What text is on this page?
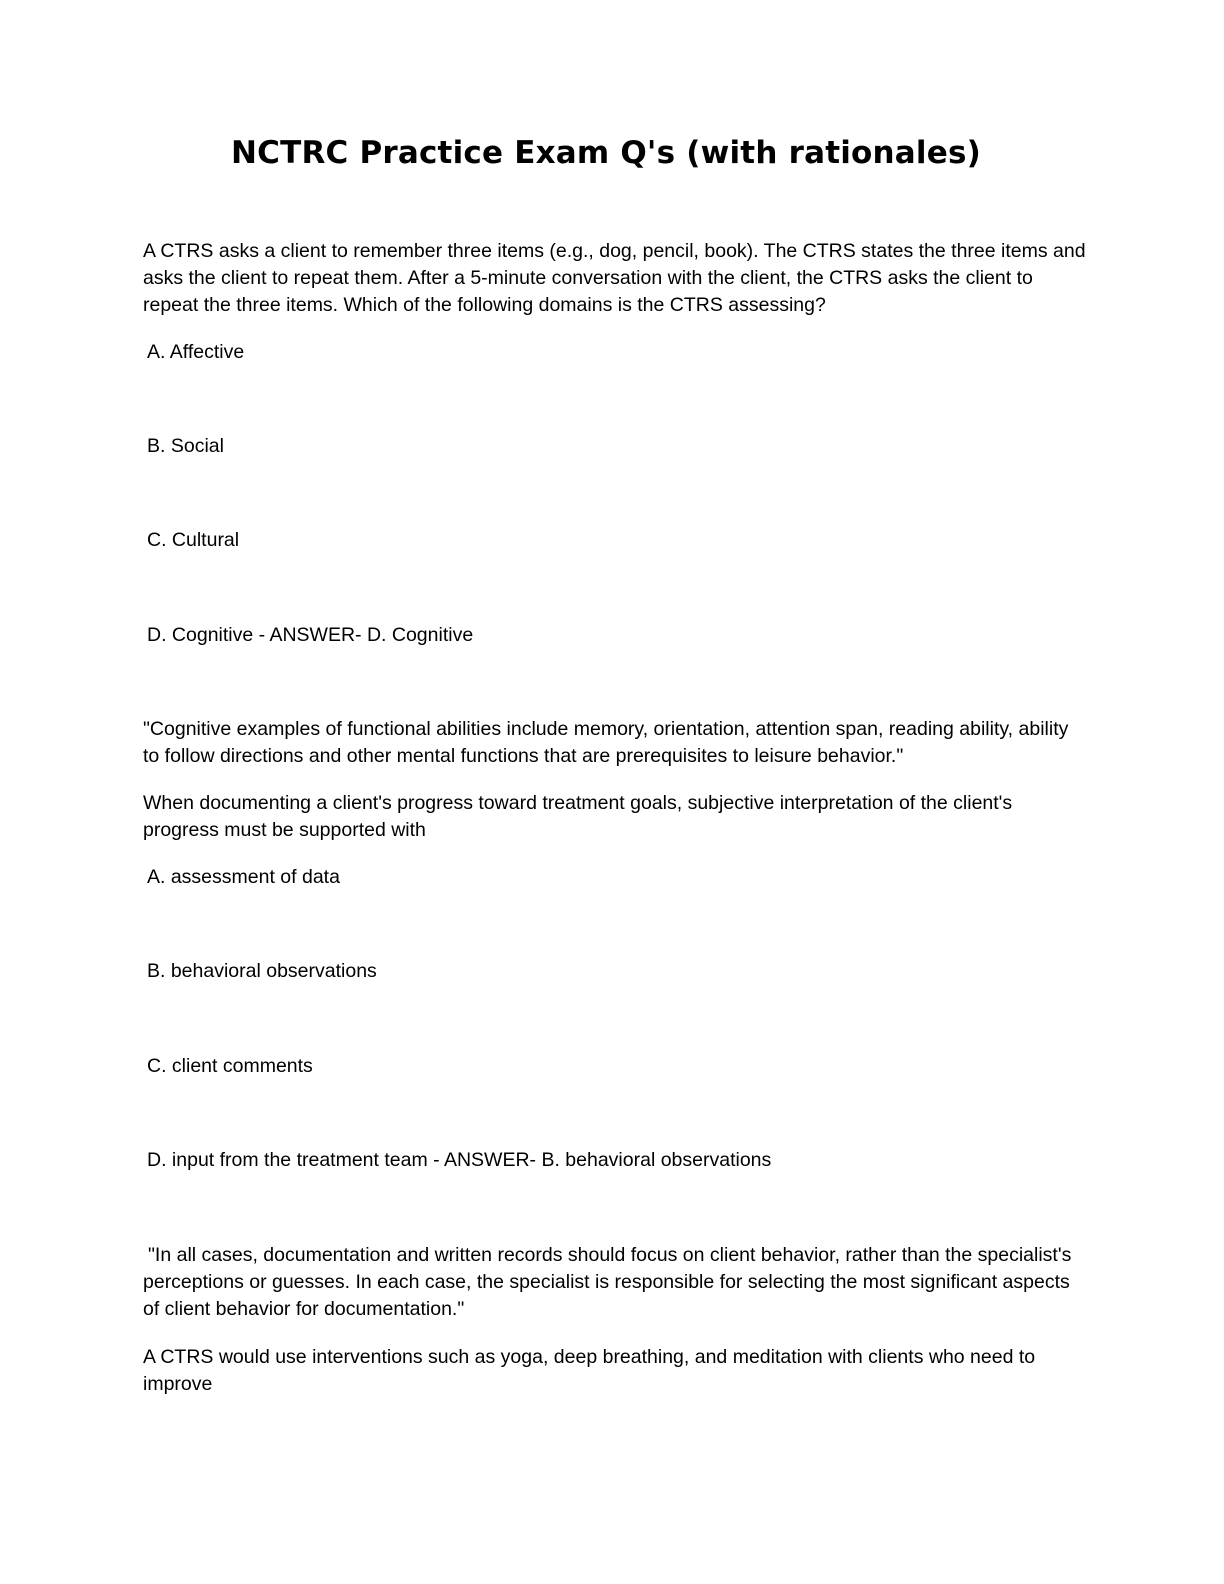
NCTRC Practice Exam Q's (with rationales)
A CTRS asks a client to remember three items (e.g., dog, pencil, book). The CTRS states the three items and asks the client to repeat them. After a 5-minute conversation with the client, the CTRS asks the client to repeat the three items. Which of the following domains is the CTRS assessing?
A. Affective
B. Social
C. Cultural
D. Cognitive - ANSWER- D. Cognitive
"Cognitive examples of functional abilities include memory, orientation, attention span, reading ability, ability to follow directions and other mental functions that are prerequisites to leisure behavior."
When documenting a client's progress toward treatment goals, subjective interpretation of the client's progress must be supported with
A. assessment of data
B. behavioral observations
C. client comments
D. input from the treatment team - ANSWER- B. behavioral observations
"In all cases, documentation and written records should focus on client behavior, rather than the specialist's perceptions or guesses. In each case, the specialist is responsible for selecting the most significant aspects of client behavior for documentation."
A CTRS would use interventions such as yoga, deep breathing, and meditation with clients who need to improve
